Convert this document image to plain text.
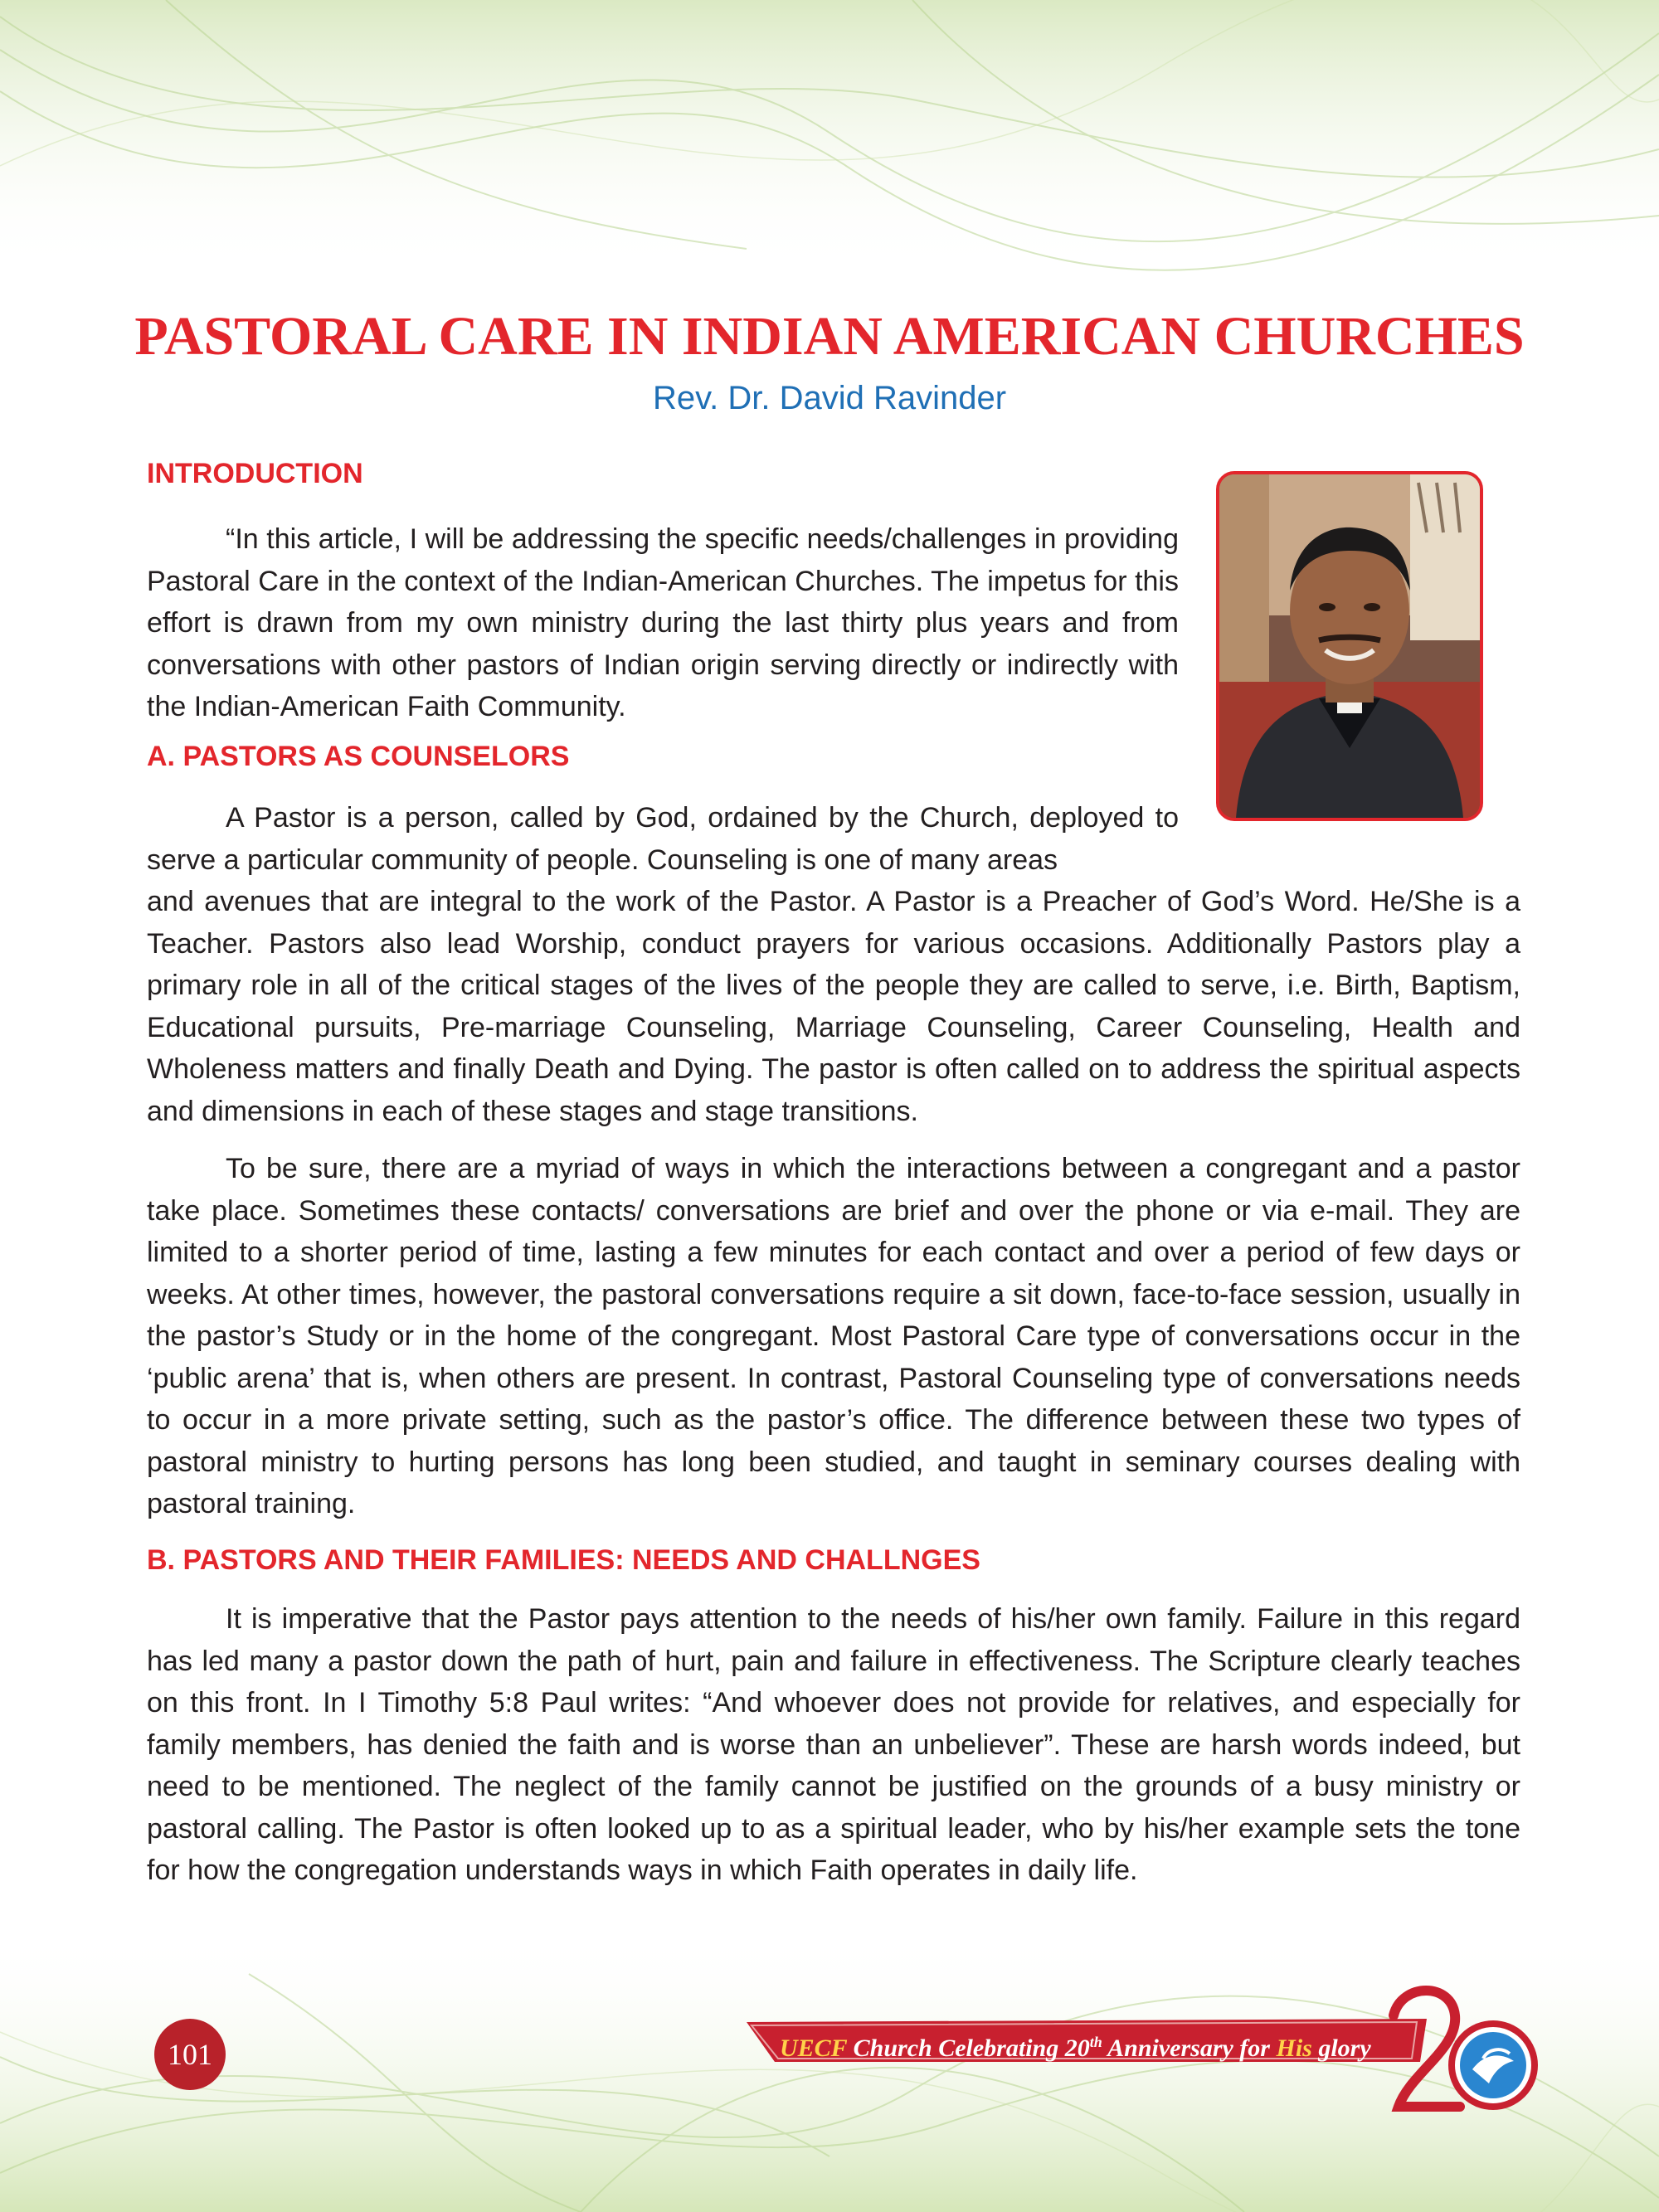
PASTORAL CARE IN INDIAN AMERICAN CHURCHES

Rev. Dr. David Ravinder

INTRODUCTION

“In this article, I will be addressing the specific needs/challenges in providing Pastoral Care in the context of the Indian-American Churches. The impetus for this effort is drawn from my own ministry during the last thirty plus years and from conversations with other pastors of Indian origin serving directly or indirectly with the Indian-American Faith Community.

A. PASTORS AS COUNSELORS

A Pastor is a person, called by God, ordained by the Church, deployed to serve a particular community of people. Counseling is one of many areas

and avenues that are integral to the work of the Pastor. A Pastor is a Preacher of God’s Word. He/She is a Teacher. Pastors also lead Worship, conduct prayers for various occasions. Additionally Pastors play a primary role in all of the critical stages of the lives of the people they are called to serve, i.e. Birth, Baptism, Educational pursuits, Pre-marriage Counseling, Marriage Counseling, Career Counseling, Health and Wholeness matters and finally Death and Dying. The pastor is often called on to address the spiritual aspects and dimensions in each of these stages and stage transitions.

To be sure, there are a myriad of ways in which the interactions between a congregant and a pastor take place. Sometimes these contacts/ conversations are brief and over the phone or via e-mail. They are limited to a shorter period of time, lasting a few minutes for each contact and over a period of few days or weeks. At other times, however, the pastoral conversations require a sit down, face-to-face session, usually in the pastor’s Study or in the home of the congregant. Most Pastoral Care type of conversations occur in the ‘public arena’ that is, when others are present. In contrast, Pastoral Counseling type of conversations needs to occur in a more private setting, such as the pastor’s office. The difference between these two types of pastoral ministry to hurting persons has long been studied, and taught in seminary courses dealing with pastoral training.

B. PASTORS AND THEIR FAMILIES: NEEDS AND CHALLNGES

It is imperative that the Pastor pays attention to the needs of his/her own family. Failure in this regard has led many a pastor down the path of hurt, pain and failure in effectiveness. The Scripture clearly teaches on this front. In I Timothy 5:8 Paul writes: “And whoever does not provide for relatives, and especially for family members, has denied the faith and is worse than an unbeliever”. These are harsh words indeed, but need to be mentioned. The neglect of the family cannot be justified on the grounds of a busy ministry or pastoral calling. The Pastor is often looked up to as a spiritual leader, who by his/her example sets the tone for how the congregation understands ways in which Faith operates in daily life.

101	UECF Church Celebrating 20th Anniversary for His glory
